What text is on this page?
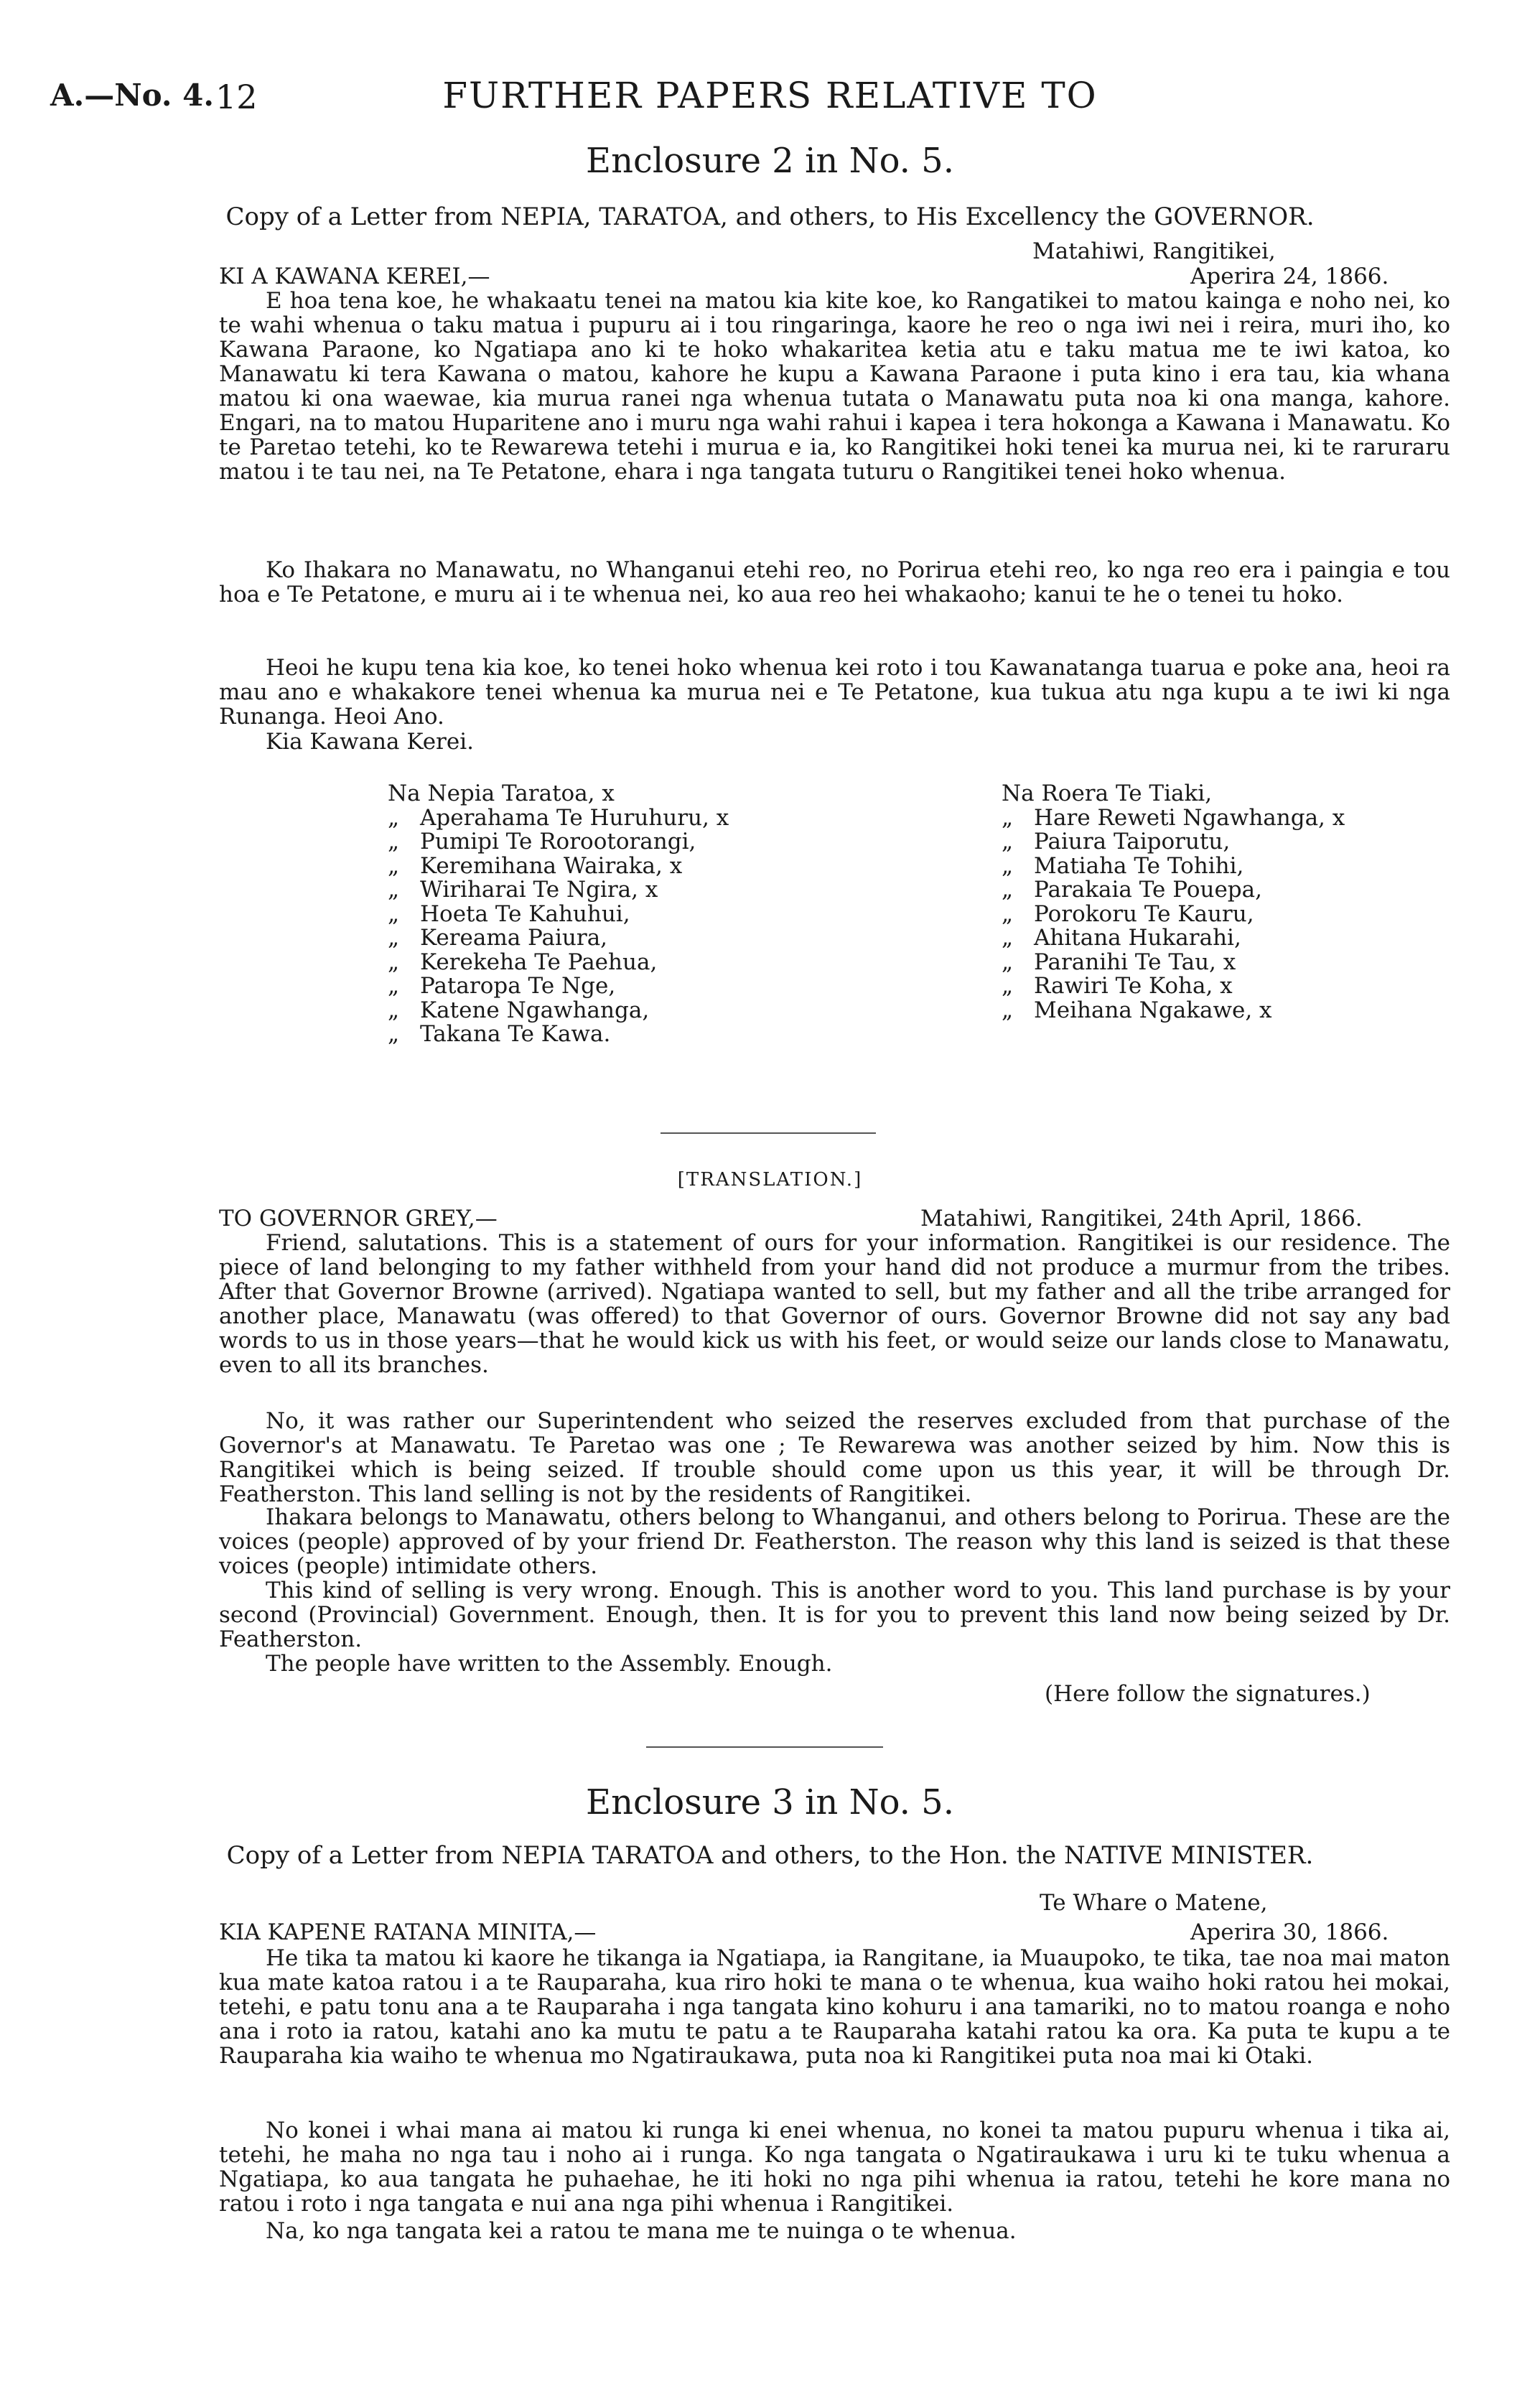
A.—No. 4. 12	FURTHER PAPERS RELATIVE TO
Enclosure 2 in No. 5.
Copy of a Letter from NEPIA, TARATOA, and others, to His Excellency the GOVERNOR.
Matahiwi, Rangitikei,
KI A KAWANA KEREI,—	Aperira 24, 1866.
E hoa tena koe, he whakaatu tenei na matou kia kite koe, ko Rangatikei to matou kainga e noho nei, ko te wahi whenua o taku matua i pupuru ai i tou ringaringa, kaore he reo o nga iwi nei i reira, muri iho, ko Kawana Paraone, ko Ngatiapa ano ki te hoko whakaritea ketia atu e taku matua me te iwi katoa, ko Manawatu ki tera Kawana o matou, kahore he kupu a Kawana Paraone i puta kino i era tau, kia whana matou ki ona waewae, kia murua ranei nga whenua tutata o Manawatu puta noa ki ona manga, kahore. Engari, na to matou Huparitene ano i muru nga wahi rahui i kapea i tera hokonga a Kawana i Manawatu. Ko te Paretao tetehi, ko te Rewarewa tetehi i murua e ia, ko Rangitikei hoki tenei ka murua nei, ki te raruraru matou i te tau nei, na Te Petatone, ehara i nga tangata tuturu o Rangitikei tenei hoko whenua.
Ko Ihakara no Manawatu, no Whanganui etehi reo, no Porirua etehi reo, ko nga reo era i paingia e tou hoa e Te Petatone, e muru ai i te whenua nei, ko aua reo hei whakaoho; kanui te he o tenei tu hoko.
Heoi he kupu tena kia koe, ko tenei hoko whenua kei roto i tou Kawanatanga tuarua e poke ana, heoi ra mau ano e whakakore tenei whenua ka murua nei e Te Petatone, kua tukua atu nga kupu a te iwi ki nga Runanga. Heoi Ano.
Kia Kawana Kerei.
Na Nepia Taratoa, x
„ Aperahama Te Huruhuru, x
„ Pumipi Te Rorootorangi,
„ Keremihana Wairaka, x
„ Wiriharai Te Ngira, x
„ Hoeta Te Kahuhui,
„ Kereama Paiura,
„ Kerekeha Te Paehua,
„ Pataropa Te Nge,
„ Katene Ngawhanga,
„ Takana Te Kawa.
Na Roera Te Tiaki,
„ Hare Reweti Ngawhanga, x
„ Paiura Taiporutu,
„ Matiaha Te Tohihi,
„ Parakaia Te Pouepa,
„ Porokoru Te Kauru,
„ Ahitana Hukarahi,
„ Paranihi Te Tau, x
„ Rawiri Te Koha, x
„ Meihana Ngakawe, x
[TRANSLATION.]
TO GOVERNOR GREY,—	Matahiwi, Rangitikei, 24th April, 1866.
Friend, salutations. This is a statement of ours for your information. Rangitikei is our residence. The piece of land belonging to my father withheld from your hand did not produce a murmur from the tribes. After that Governor Browne (arrived). Ngatiapa wanted to sell, but my father and all the tribe arranged for another place, Manawatu (was offered) to that Governor of ours. Governor Browne did not say any bad words to us in those years—that he would kick us with his feet, or would seize our lands close to Manawatu, even to all its branches.
No, it was rather our Superintendent who seized the reserves excluded from that purchase of the Governor's at Manawatu. Te Paretao was one ; Te Rewarewa was another seized by him. Now this is Rangitikei which is being seized. If trouble should come upon us this year, it will be through Dr. Featherston. This land selling is not by the residents of Rangitikei.
Ihakara belongs to Manawatu, others belong to Whanganui, and others belong to Porirua. These are the voices (people) approved of by your friend Dr. Featherston. The reason why this land is seized is that these voices (people) intimidate others.
This kind of selling is very wrong. Enough. This is another word to you. This land purchase is by your second (Provincial) Government. Enough, then. It is for you to prevent this land now being seized by Dr. Featherston.
The people have written to the Assembly. Enough.
(Here follow the signatures.)
Enclosure 3 in No. 5.
Copy of a Letter from NEPIA TARATOA and others, to the Hon. the NATIVE MINISTER.
Te Whare o Matene,
KIA KAPENE RATANA MINITA,—	Aperira 30, 1866.
He tika ta matou ki kaore he tikanga ia Ngatiapa, ia Rangitane, ia Muaupoko, te tika, tae noa mai maton kua mate katoa ratou i a te Rauparaha, kua riro hoki te mana o te whenua, kua waiho hoki ratou hei mokai, tetehi, e patu tonu ana a te Rauparaha i nga tangata kino kohuru i ana tamariki, no to matou roanga e noho ana i roto ia ratou, katahi ano ka mutu te patu a te Rauparaha katahi ratou ka ora. Ka puta te kupu a te Rauparaha kia waiho te whenua mo Ngatiraukawa, puta noa ki Rangitikei puta noa mai ki Otaki.
No konei i whai mana ai matou ki runga ki enei whenua, no konei ta matou pupuru whenua i tika ai, tetehi, he maha no nga tau i noho ai i runga. Ko nga tangata o Ngatiraukawa i uru ki te tuku whenua a Ngatiapa, ko aua tangata he puhaehae, he iti hoki no nga pihi whenua ia ratou, tetehi he kore mana no ratou i roto i nga tangata e nui ana nga pihi whenua i Rangitikei.
Na, ko nga tangata kei a ratou te mana me te nuinga o te whenua.
